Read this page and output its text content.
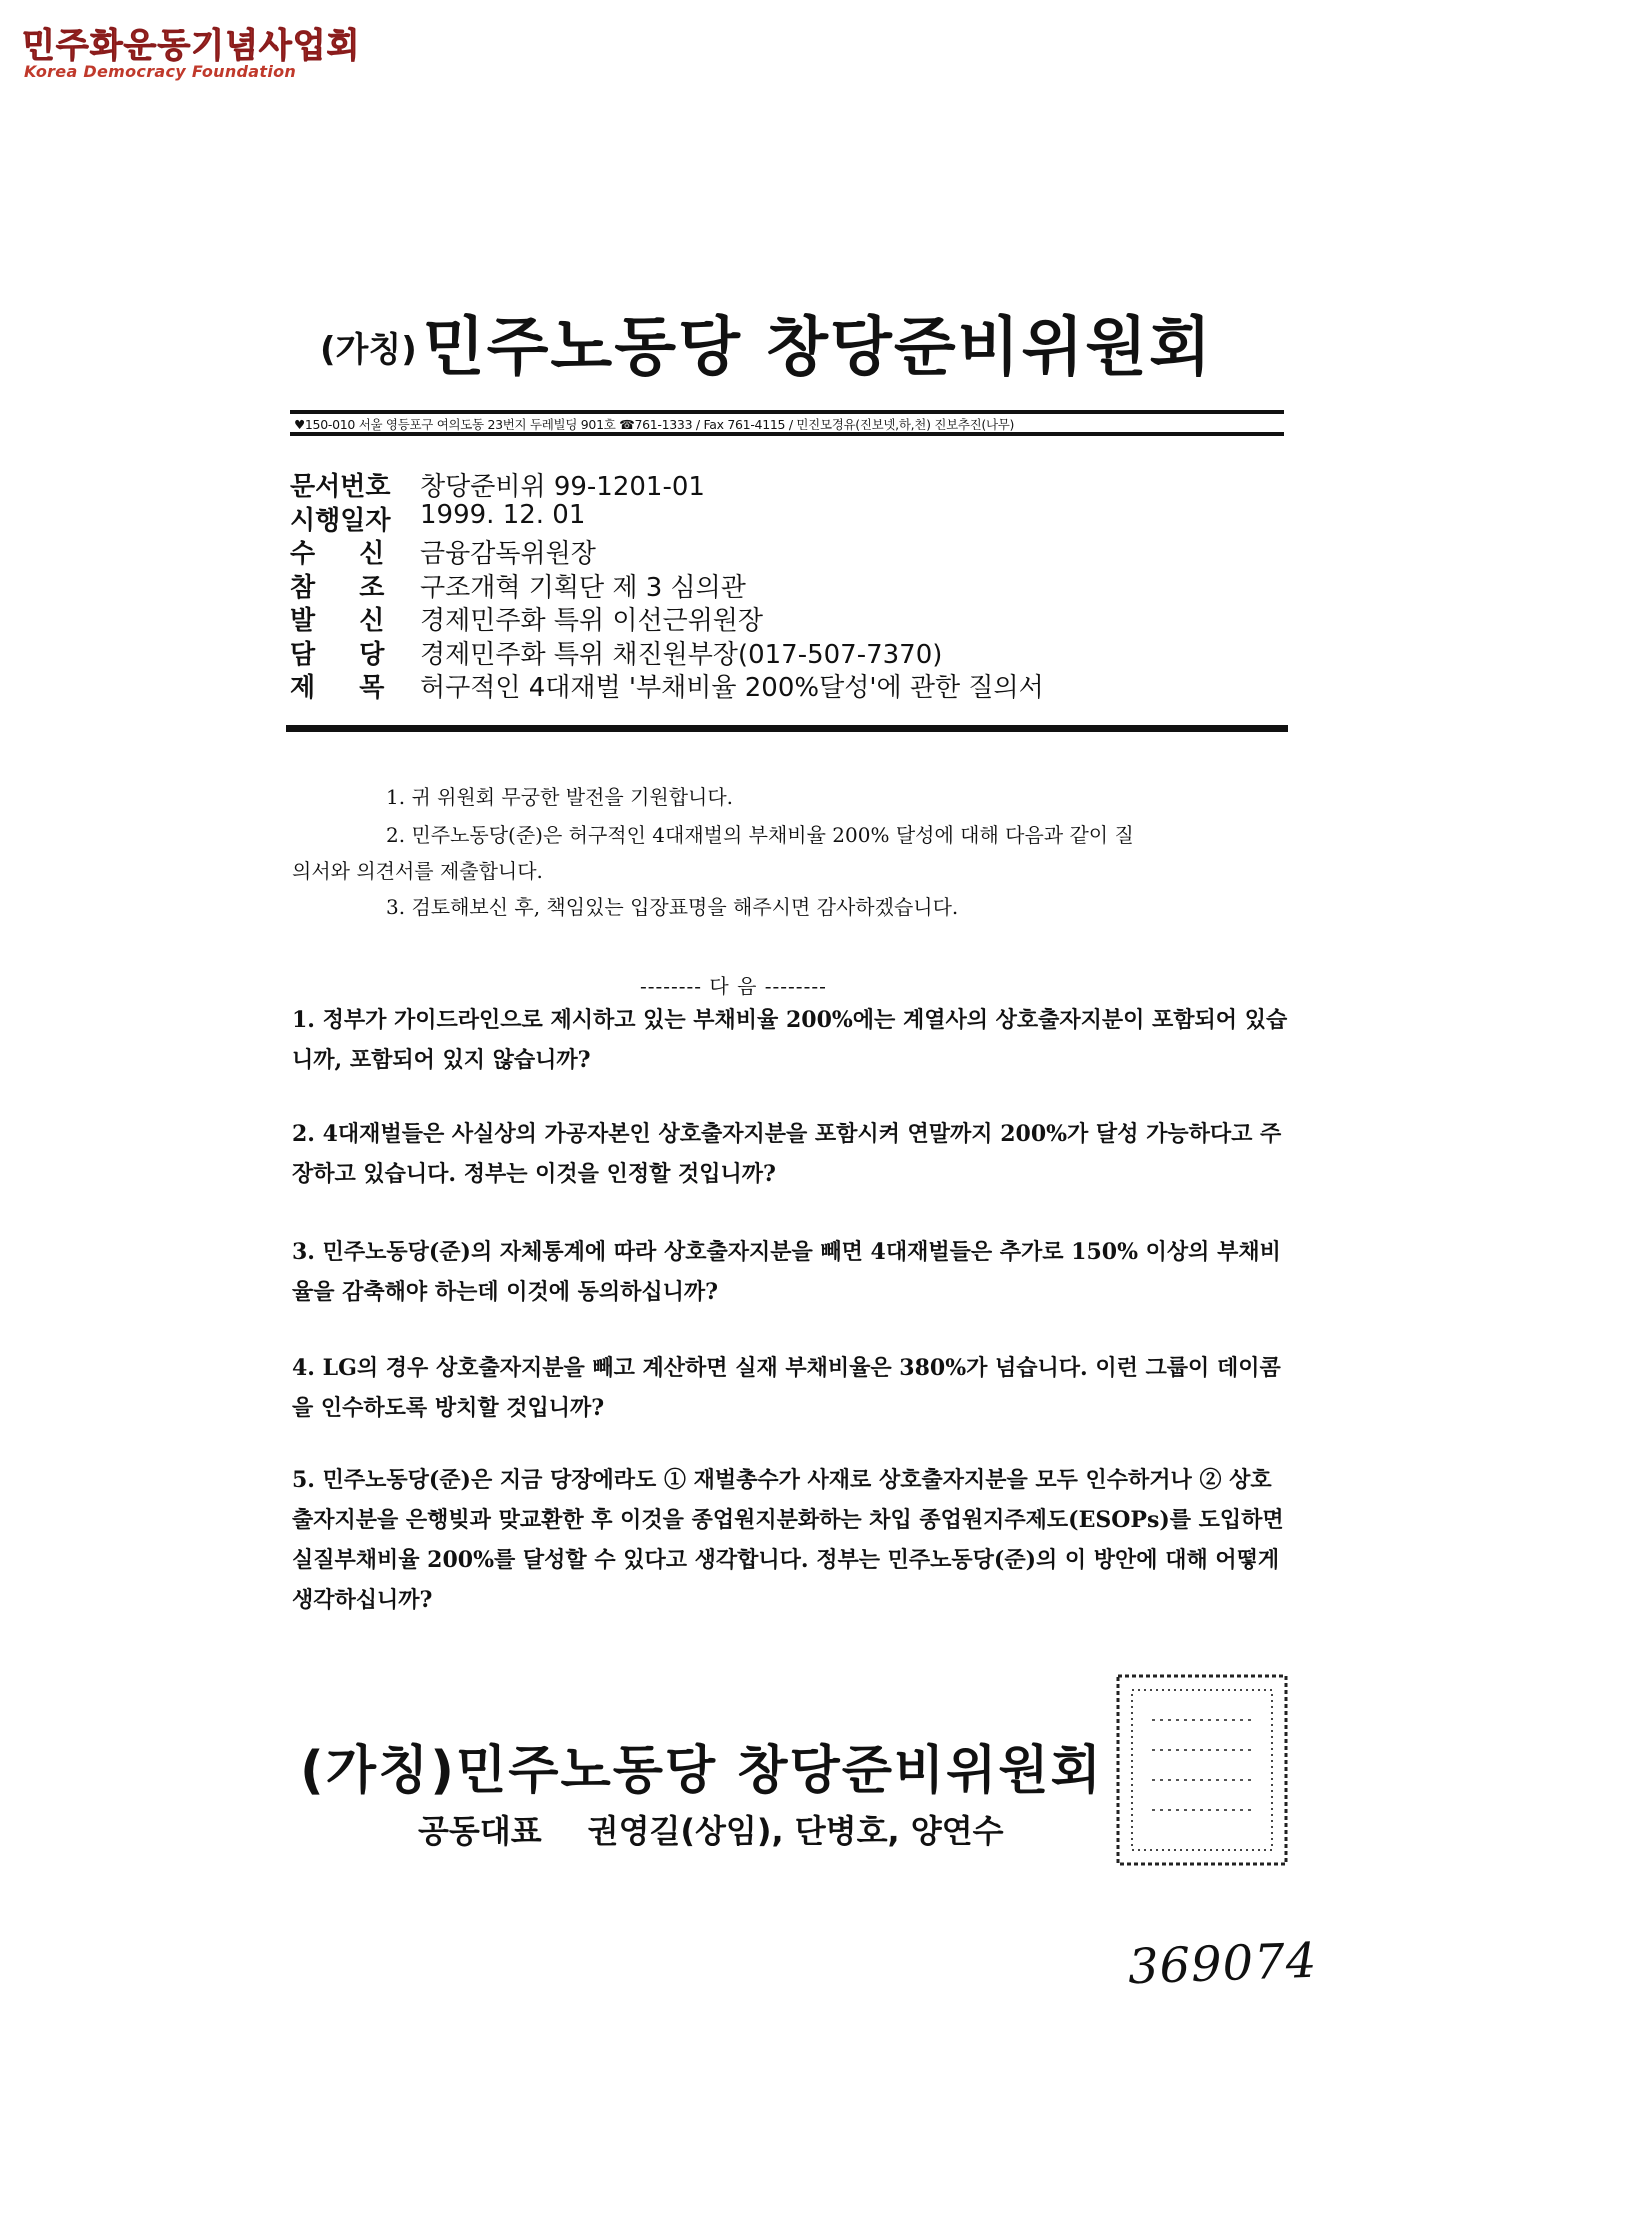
민주화운동기념사업회
Korea Democracy Foundation
(가칭)민주노동당 창당준비위원회
♥150-010 서울 영등포구 여의도동 23번지 두레빌딩 901호 ☎761-1333 / Fax 761-4115 / 민진모경유(진보넷,하,천) 진보추진(나무)
문서번호	창당준비위 99-1201-01
시행일자	1999. 12. 01
수 　 신	금융감독위원장
참 　 조	구조개혁 기획단 제 3 심의관
발 　 신	경제민주화 특위 이선근위원장
담 　 당	경제민주화 특위 채진원부장(017-507-7370)
제 　 목	허구적인 4대재벌 '부채비율 200%달성'에 관한 질의서
1. 귀 위원회 무궁한 발전을 기원합니다.
2. 민주노동당(준)은 허구적인 4대재벌의 부채비율 200% 달성에 대해 다음과 같이 질
의서와 의견서를 제출합니다.
3. 검토해보신 후, 책임있는 입장표명을 해주시면 감사하겠습니다.
-------- 다 음 --------
1. 정부가 가이드라인으로 제시하고 있는 부채비율 200%에는 계열사의 상호출자지분이 포함되어 있습니까, 포함되어 있지 않습니까?
2. 4대재벌들은 사실상의 가공자본인 상호출자지분을 포함시켜 연말까지 200%가 달성 가능하다고 주장하고 있습니다. 정부는 이것을 인정할 것입니까?
3. 민주노동당(준)의 자체통계에 따라 상호출자지분을 빼면 4대재벌들은 추가로 150% 이상의 부채비율을 감축해야 하는데 이것에 동의하십니까?
4. LG의 경우 상호출자지분을 빼고 계산하면 실재 부채비율은 380%가 넘습니다. 이런 그룹이 데이콤을 인수하도록 방치할 것입니까?
5. 민주노동당(준)은 지금 당장에라도 ① 재벌총수가 사재로 상호출자지분을 모두 인수하거나 ② 상호출자지분을 은행빚과 맞교환한 후 이것을 종업원지분화하는 차입 종업원지주제도(ESOPs)를 도입하면 실질부채비율 200%를 달성할 수 있다고 생각합니다. 정부는 민주노동당(준)의 이 방안에 대해 어떻게 생각하십니까?
(가칭)민주노동당 창당준비위원회
공동대표 권영길(상임), 단병호, 양연수
369074
